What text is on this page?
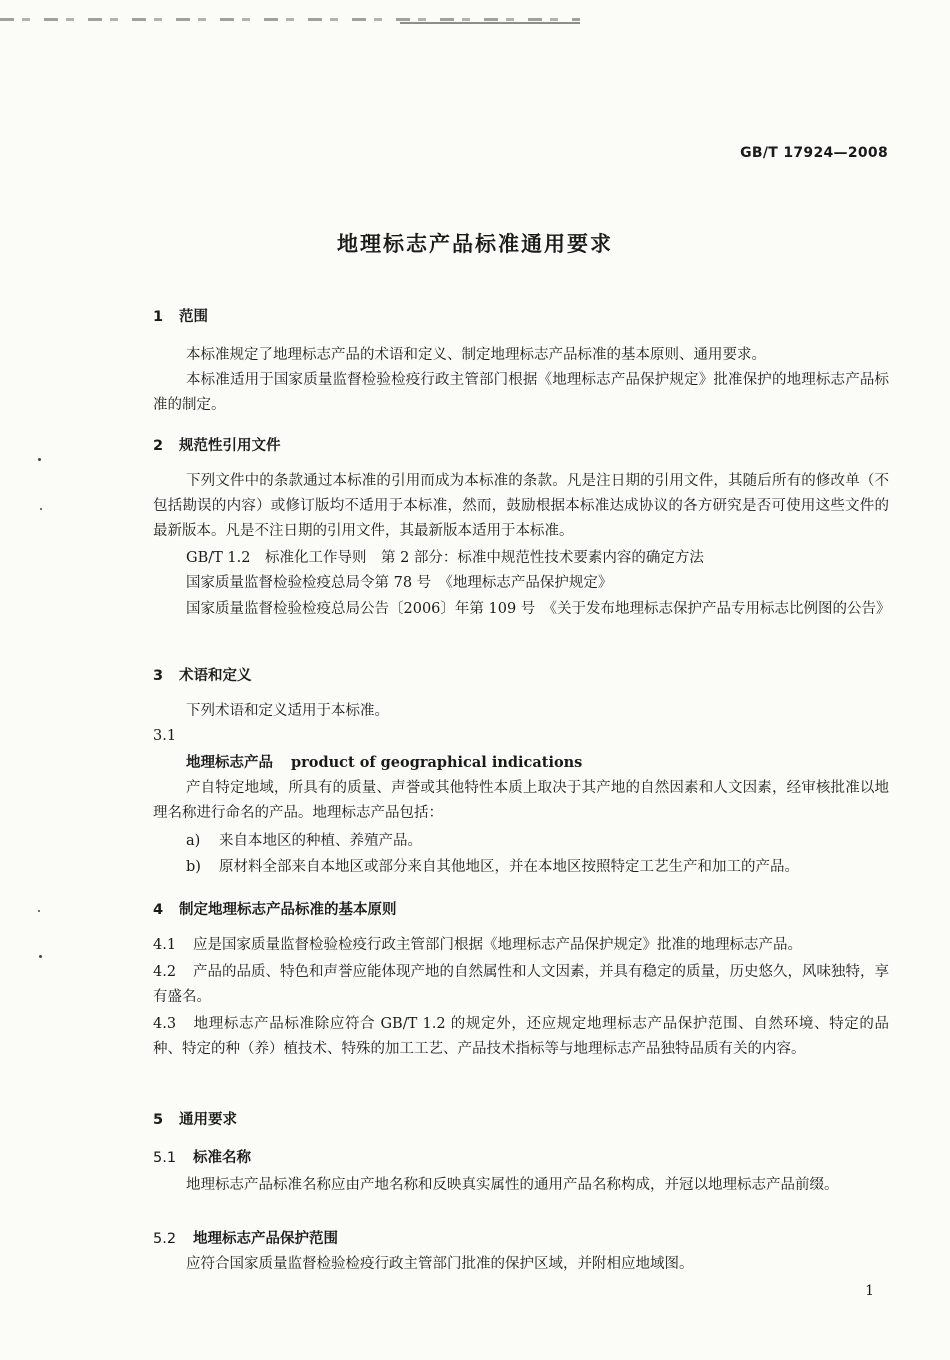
GB/T 17924—2008
地理标志产品标准通用要求
1 范围
本标准规定了地理标志产品的术语和定义、制定地理标志产品标准的基本原则、通用要求。
本标准适用于国家质量监督检验检疫行政主管部门根据《地理标志产品保护规定》批准保护的地理标志产品标准的制定。
2 规范性引用文件
下列文件中的条款通过本标准的引用而成为本标准的条款。凡是注日期的引用文件，其随后所有的修改单（不包括勘误的内容）或修订版均不适用于本标准，然而，鼓励根据本标准达成协议的各方研究是否可使用这些文件的最新版本。凡是不注日期的引用文件，其最新版本适用于本标准。
GB/T 1.2　标准化工作导则　第 2 部分：标准中规范性技术要素内容的确定方法
国家质量监督检验检疫总局令第 78 号　《地理标志产品保护规定》
国家质量监督检验检疫总局公告〔2006〕年第 109 号　《关于发布地理标志保护产品专用标志比例图的公告》
3 术语和定义
下列术语和定义适用于本标准。
3.1
地理标志产品 product of geographical indications
产自特定地域，所具有的质量、声誉或其他特性本质上取决于其产地的自然因素和人文因素，经审核批准以地理名称进行命名的产品。地理标志产品包括：
a) 来自本地区的种植、养殖产品。
b) 原材料全部来自本地区或部分来自其他地区，并在本地区按照特定工艺生产和加工的产品。
4 制定地理标志产品标准的基本原则
4.1 应是国家质量监督检验检疫行政主管部门根据《地理标志产品保护规定》批准的地理标志产品。
4.2 产品的品质、特色和声誉应能体现产地的自然属性和人文因素，并具有稳定的质量，历史悠久，风味独特，享有盛名。
4.3 地理标志产品标准除应符合 GB/T 1.2 的规定外，还应规定地理标志产品保护范围、自然环境、特定的品种、特定的种（养）植技术、特殊的加工工艺、产品技术指标等与地理标志产品独特品质有关的内容。
5 通用要求
5.1 标准名称
地理标志产品标准名称应由产地名称和反映真实属性的通用产品名称构成，并冠以地理标志产品前缀。
5.2 地理标志产品保护范围
应符合国家质量监督检验检疫行政主管部门批准的保护区域，并附相应地域图。
1
